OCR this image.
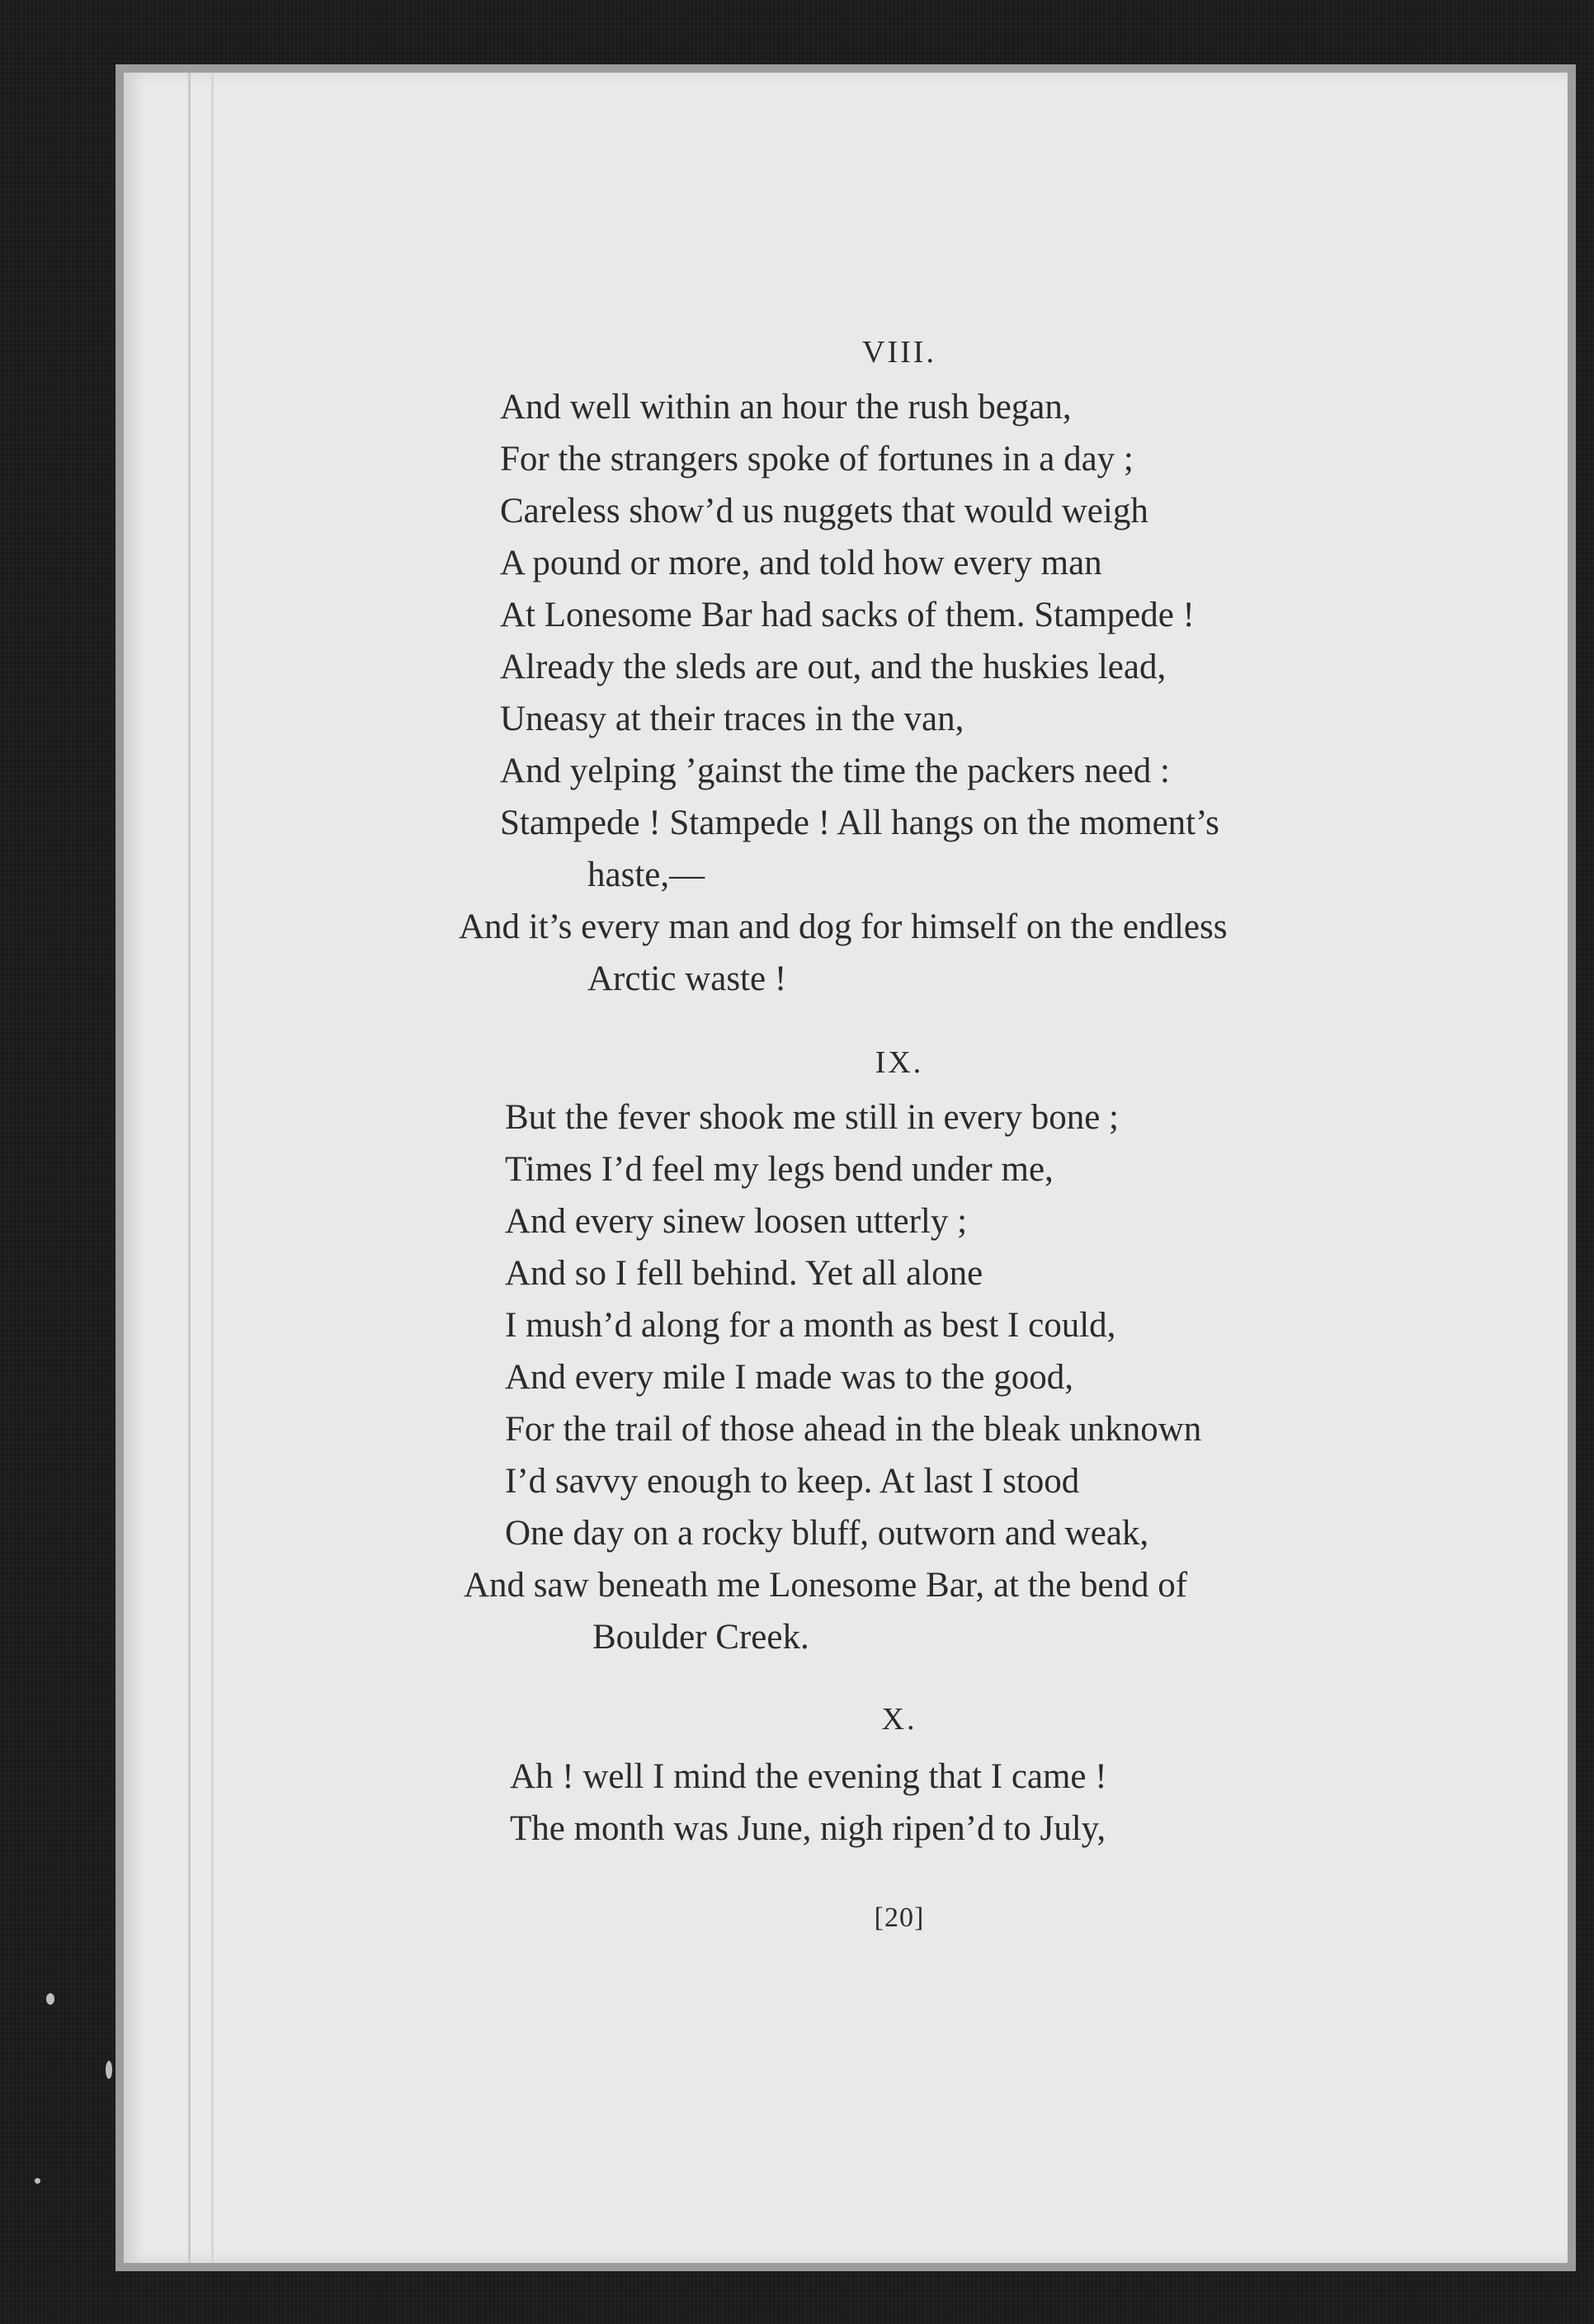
VIII.
And well within an hour the rush began,
For the strangers spoke of fortunes in a day ;
Careless show’d us nuggets that would weigh
A pound or more, and told how every man
At Lonesome Bar had sacks of them. Stampede !
Already the sleds are out, and the huskies lead,
Uneasy at their traces in the van,
And yelping ’gainst the time the packers need :
Stampede ! Stampede ! All hangs on the moment’s
haste,—
And it’s every man and dog for himself on the endless
Arctic waste !
IX.
But the fever shook me still in every bone ;
Times I’d feel my legs bend under me,
And every sinew loosen utterly ;
And so I fell behind. Yet all alone
I mush’d along for a month as best I could,
And every mile I made was to the good,
For the trail of those ahead in the bleak unknown
I’d savvy enough to keep. At last I stood
One day on a rocky bluff, outworn and weak,
And saw beneath me Lonesome Bar, at the bend of
Boulder Creek.
X.
Ah ! well I mind the evening that I came !
The month was June, nigh ripen’d to July,
[20]
